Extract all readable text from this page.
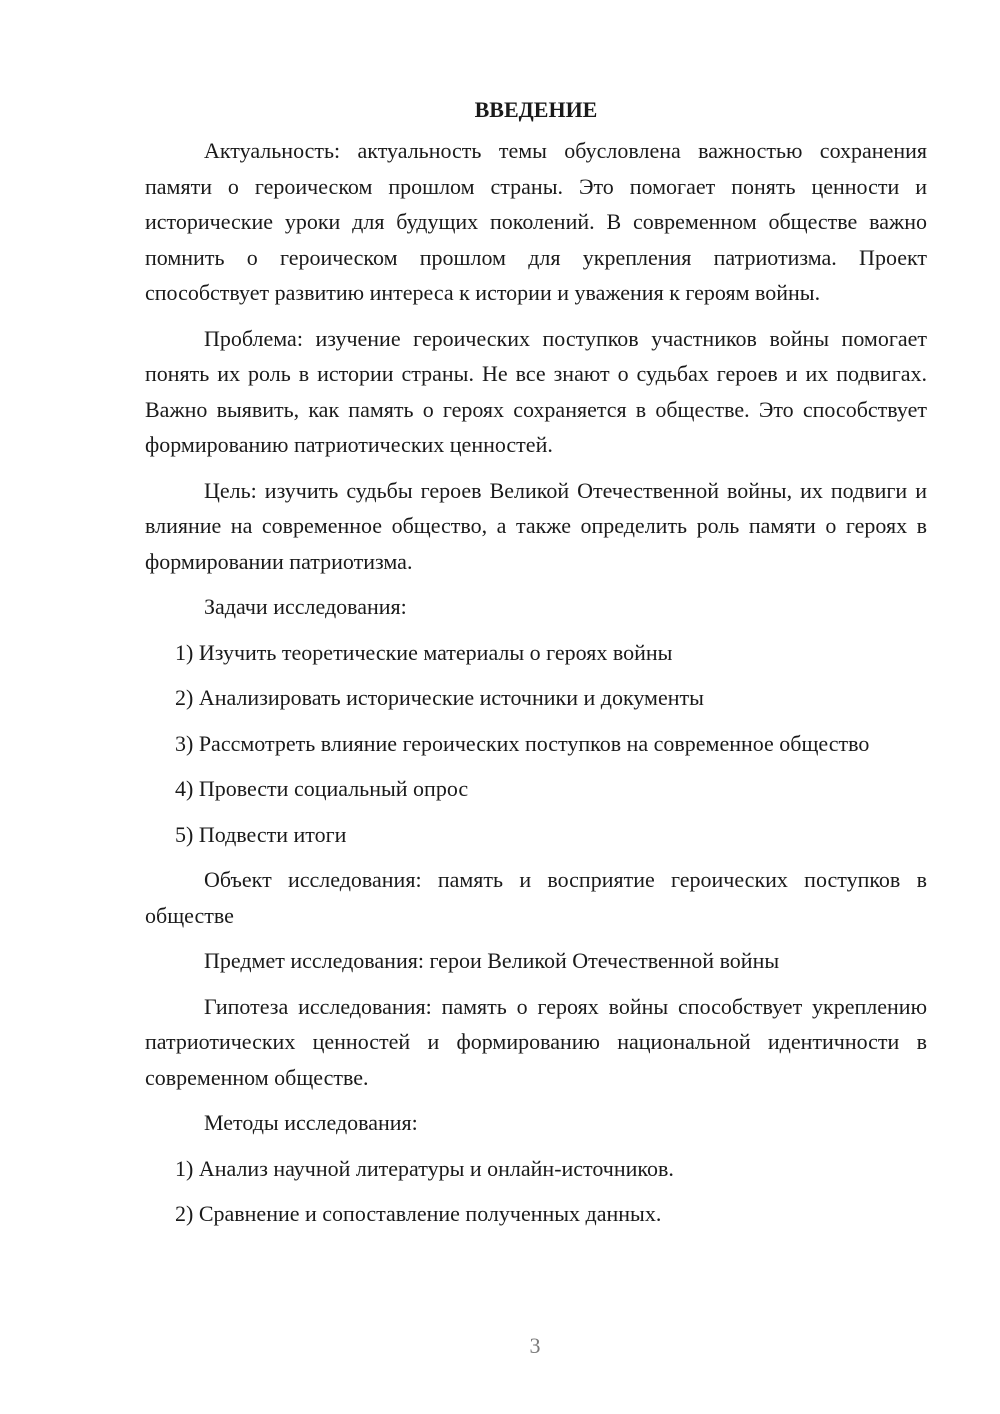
ВВЕДЕНИЕ

Актуальность: актуальность темы обусловлена важностью сохранения памяти о героическом прошлом страны. Это помогает понять ценности и исторические уроки для будущих поколений. В современном обществе важно помнить о героическом прошлом для укрепления патриотизма. Проект способствует развитию интереса к истории и уважения к героям войны.

Проблема: изучение героических поступков участников войны помогает понять их роль в истории страны. Не все знают о судьбах героев и их подвигах. Важно выявить, как память о героях сохраняется в обществе. Это способствует формированию патриотических ценностей.

Цель: изучить судьбы героев Великой Отечественной войны, их подвиги и влияние на современное общество, а также определить роль памяти о героях в формировании патриотизма.

Задачи исследования:

1) Изучить теоретические материалы о героях войны

2) Анализировать исторические источники и документы

3) Рассмотреть влияние героических поступков на современное общество

4) Провести социальный опрос

5) Подвести итоги

Объект исследования: память и восприятие героических поступков в обществе

Предмет исследования: герои Великой Отечественной войны

Гипотеза исследования: память о героях войны способствует укреплению патриотических ценностей и формированию национальной идентичности в современном обществе.

Методы исследования:

1) Анализ научной литературы и онлайн-источников.

2) Сравнение и сопоставление полученных данных.

3
